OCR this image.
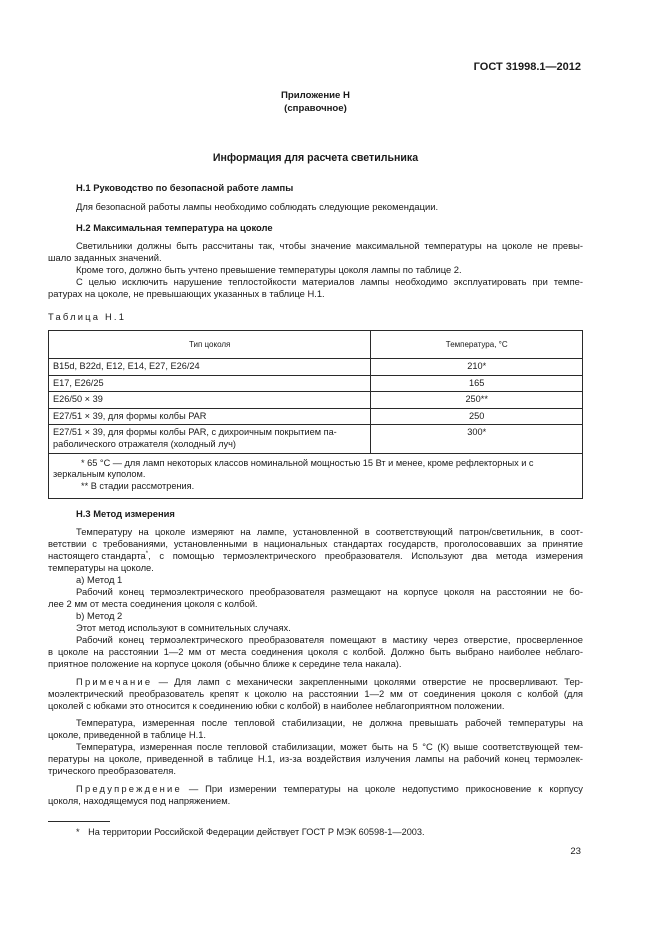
ГОСТ 31998.1—2012
Приложение Н
(справочное)
Информация для расчета светильника
Н.1 Руководство по безопасной работе лампы
Для безопасной работы лампы необходимо соблюдать следующие рекомендации.
Н.2 Максимальная температура на цоколе
Светильники должны быть рассчитаны так, чтобы значение максимальной температуры на цоколе не превы-
шало заданных значений.
Кроме того, должно быть учтено превышение температуры цоколя лампы по таблице 2.
С целью исключить нарушение теплостойкости материалов лампы необходимо эксплуатировать при темпе-
ратурах на цоколе, не превышающих указанных в таблице Н.1.
Таблица Н.1
Тип цоколя	Температура, °С
B15d, B22d, E12, E14, E27, E26/24	210*
E17, E26/25	165
E26/50 × 39	250**
E27/51 × 39, для формы колбы PAR	250
E27/51 × 39, для формы колбы PAR, с дихроичным покрытием па-
раболического отражателя (холодный луч)	300*

* 65 °C — для ламп некоторых классов номинальной мощностью 15 Вт и менее, кроме рефлекторных и с зеркальным куполом.
** В стадии рассмотрения.	
Н.3 Метод измерения
Температуру на цоколе измеряют на лампе, установленной в соответствующий патрон/светильник, в соот-
ветствии с требованиями, установленными в национальных стандартах государств, проголосовавших за принятие
настоящего стандарта* , с помощью термоэлектрического преобразователя. Используют два метода измерения
температуры на цоколе.
а) Метод 1
Рабочий конец термоэлектрического преобразователя размещают на корпусе цоколя на расстоянии не бо-
лее 2 мм от места соединения цоколя с колбой.
b) Метод 2
Этот метод используют в сомнительных случаях.
Рабочий конец термоэлектрического преобразователя помещают в мастику через отверстие, просверленное
в цоколе на расстоянии 1—2 мм от места соединения цоколя с колбой. Должно быть выбрано наиболее неблаго-
приятное положение на корпусе цоколя (обычно ближе к середине тела накала).
Примечание — Для ламп с механически закрепленными цоколями отверстие не просверливают. Тер-
моэлектрический преобразователь крепят к цоколю на расстоянии 1—2 мм от соединения цоколя с колбой (для
цоколей с юбками это относится к соединению юбки с колбой) в наиболее неблагоприятном положении.
Температура, измеренная после тепловой стабилизации, не должна превышать рабочей температуры на
цоколе, приведенной в таблице Н.1.
Температура, измеренная после тепловой стабилизации, может быть на 5 °С (К) выше соответствующей тем-
пературы на цоколе, приведенной в таблице Н.1, из-за воздействия излучения лампы на рабочий конец термоэлек-
трического преобразователя.
Предупреждение — При измерении температуры на цоколе недопустимо прикосновение к корпусу
цоколя, находящемуся под напряжением.
* На территории Российской Федерации действует ГОСТ Р МЭК 60598-1—2003.
23
